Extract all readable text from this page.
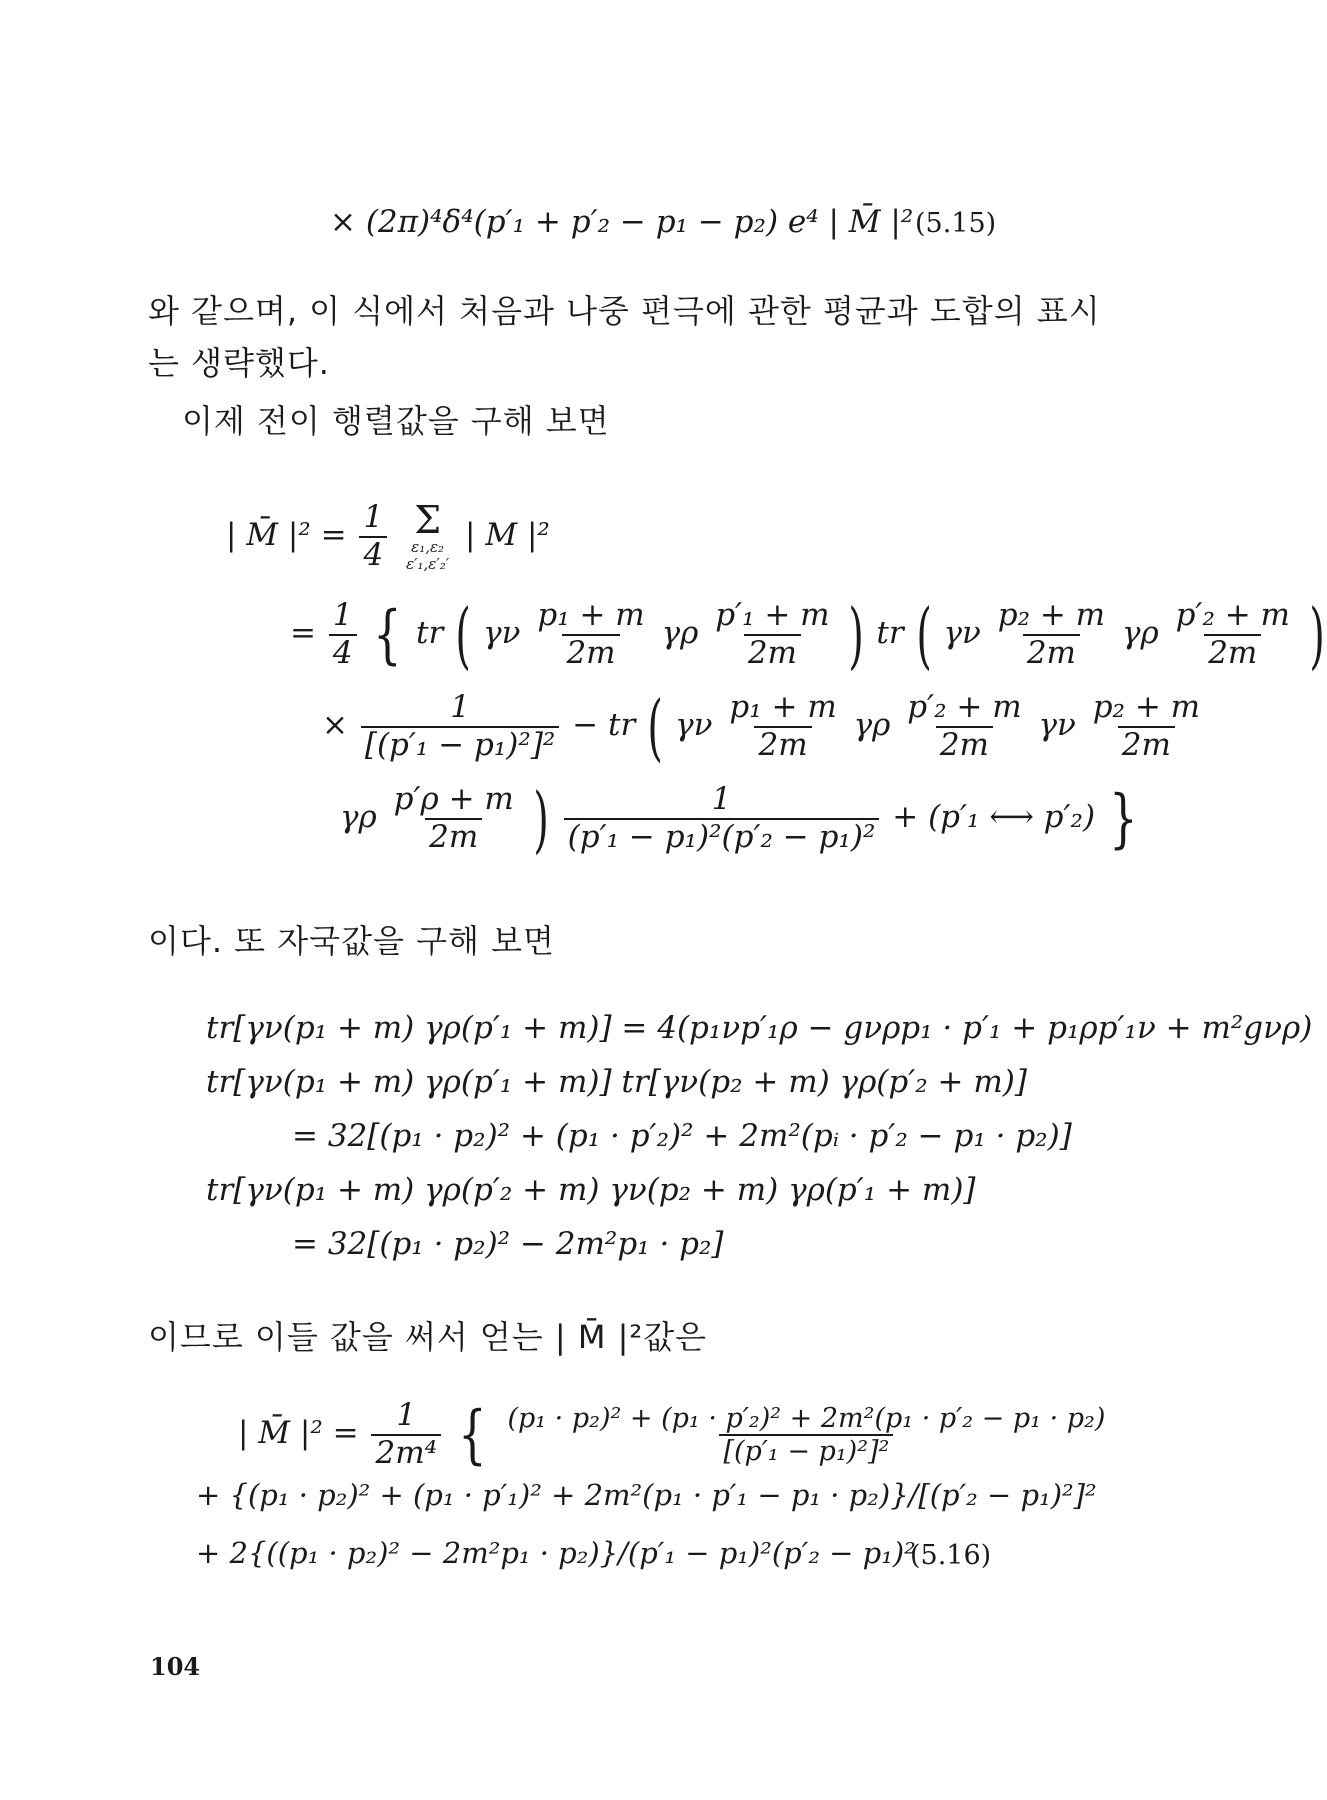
× (2π)⁴δ⁴(p′₁ + p′₂ − p₁ − p₂) e⁴ | M̄ |² (5.15)
와 같으며, 이 식에서 처음과 나중 편극에 관한 평균과 도합의 표시
는 생략했다.
이제 전이 행렬값을 구해 보면
| M̄ $|^2 = \frac{1}{4}$
Σ
ε₁,ε₂
ε′₁,ε′₂′
| M |²
= $\frac{1}{4}$ { tr ( γν $\frac{\text{p₁ + m}}{2m}$ γρ $\frac{\text{p′₁ + m}}{2m}$ ) tr ( γν $\frac{\text{p₂ + m}}{2m}$ γρ $\frac{\text{p′₂ + m}}{2m}$ )
× $\frac{1}{\text{[(p′₁ − p₁)²]²}}$ − tr ( γν $\frac{\text{p₁ + m}}{2m}$ γρ $\frac{\text{p′₂ + m}}{2m}$ γν $\frac{\text{p₂ + m}}{2m}$
γρ $\frac{p'\rho + m}{2m}$ ) $\frac{1}{\text{(p′₁ − p₁)²(p′₂ − p₁)²}} + (p'_1$ ⟷ p′₂) }
이다. 또 자국값을 구해 보면
tr[γν(p₁ + m) γρ(p′₁ + m)] = 4(p₁νp′₁ρ − gνρp₁ · p′₁ + p₁ρp′₁ν + m²gνρ)
tr[γν(p₁ + m) γρ(p′₁ + m)] tr[γν(p₂ + m) γρ(p′₂ + m)]
= 32[(p₁ · p₂)² + (p₁ · p′₂)² + 2m²(pᵢ · p′₂ − p₁ · p₂)]
tr[γν(p₁ + m) γρ(p′₂ + m) γν(p₂ + m) γρ(p′₁ + m)]
= 32[(p₁ · p₂)² − 2m²p₁ · p₂]
이므로 이들 값을 써서 얻는 | M̄ |²값은
| M̄ $|^2 = \frac{1}{\text{2m⁴}}$ { $\frac{\text{(p₁ · p₂)² + (p₁ · p′₂)² + 2m²(p₁ · p′₂ − p₁ · p₂)}}{\text{[(p′₁ − p₁)²]²}}$
+ {(p₁ · p₂)² + (p₁ · p′₁)² + 2m²(p₁ · p′₁ − p₁ · p₂)}/[(p′₂ − p₁)²]²
+ 2{((p₁ · p₂)² − 2m²p₁ · p₂)}/(p′₁ − p₁)²(p′₂ − p₁)²
(5.16)
104
